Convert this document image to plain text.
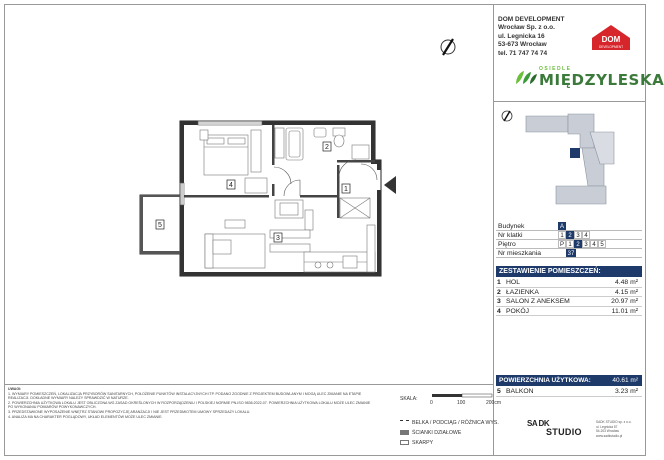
1
2
3
4
5
DOM DEVELOPMENT
Wrocław Sp. z o.o.
ul. Legnicka 16
53-673 Wrocław
tel. 71 747 74 74
DOM
DEVELOPMENT
OSIEDLE
MIĘDZYLESKA
Budynek	A
Nr klatki	1 2 3 4
Piętro	P 1 2 3 4 5
Nr mieszkania	37
ZESTAWIENIE POMIESZCZEŃ:
1 HOL	4.48 m²
2 ŁAZIENKA	4.15 m²
3 SALON Z ANEKSEM	20.97 m²
4 POKÓJ	11.01 m²
POWIERZCHNIA UŻYTKOWA:	40.61 m²
5 BALKON	3.23 m²
UWAGI:
1. WYMIARY POMIESZCZEŃ, LOKALIZACJA PRZYBORÓW SANITARNYCH, POŁOŻENIE PUNKTÓW INSTALACYJNYCH ITP. PODANO ZGODNIE Z PROJEKTEM BUDOWLANYM I MOGĄ ULEC ZMIANIE NA ETAPIE REALIZACJI. DOKŁADNE WYMIARY NALEŻY SPRAWDZIĆ W NATURZE.
2. POWIERZCHNIA UŻYTKOWA LOKALU JEST OBLICZONA WG ZASAD OKREŚLONYCH W ROZPORZĄDZENIU I POLSKIEJ NORMIE PN-ISO 9836:2022-07. POWIERZCHNIA UŻYTKOWA LOKALU MOŻE ULEC ZMIANIE PO WYKONANIU POMIARÓW POWYKONAWCZYCH.
3. PRZEDSTAWIONE WYPOSAŻENIE WNĘTRZ STANOWI PROPOZYCJĘ ARANŻACJI I NIE JEST PRZEDMIOTEM UMOWY SPRZEDAŻY LOKALU.
4. ANALIZA MA NA CHARAKTER POGLĄDOWY, UKŁAD ELEMENTÓW MOŻE ULEC ZMIANIE.
SKALA:
0	100	200cm
BELKA / PODCIĄG / RÓŻNICA WYS.
ŚCIANKI DZIAŁOWE
SKARPY
SA DK
STUDIO
SADK STUDIO sp. z o.o.
ul. Legnicka 57
54-203 Wrocław
www.sadkstudio.pl
